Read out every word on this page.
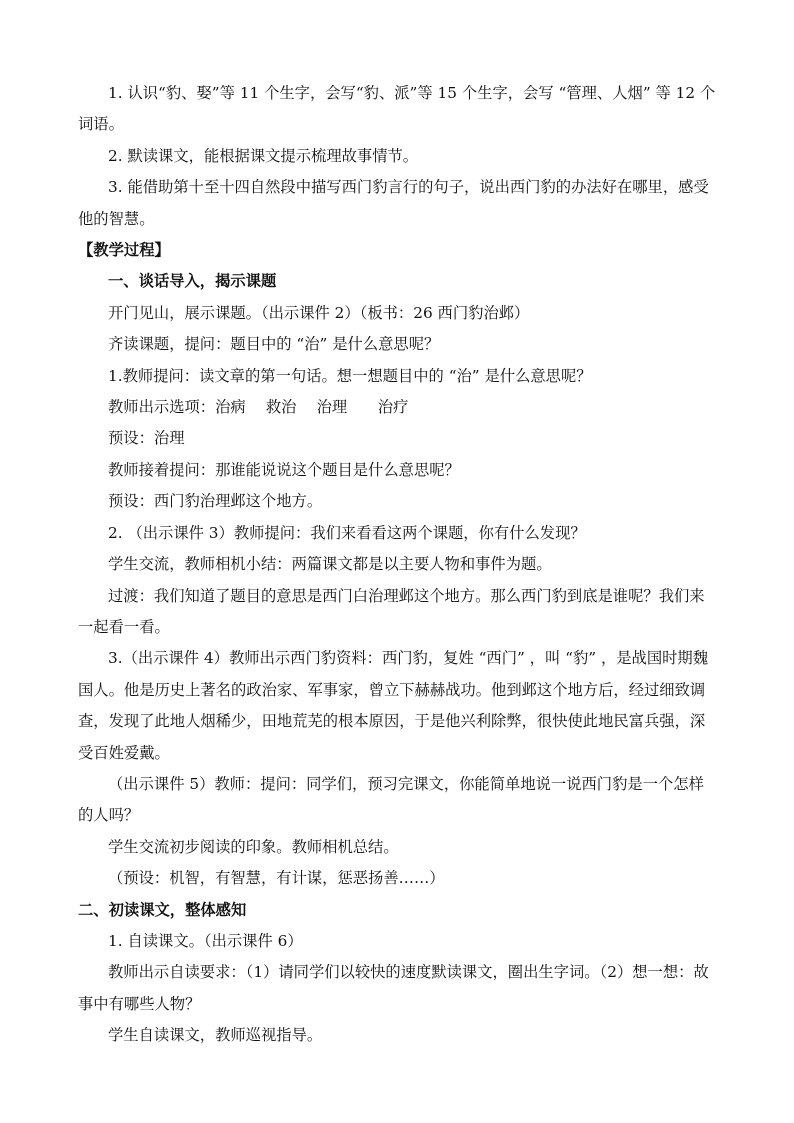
1. 认识“豹、娶”等 11 个生字，会写“豹、派”等 15 个生字，会写 “管理、人烟” 等 12 个词语。

2. 默读课文，能根据课文提示梳理故事情节。

3. 能借助第十至十四自然段中描写西门豹言行的句子，说出西门豹的办法好在哪里，感受他的智慧。

【教学过程】

一、谈话导入，揭示课题

开门见山，展示课题。（出示课件 2）（板书：26 西门豹治邺）

齐读课题，提问：题目中的 “治” 是什么意思呢？

1.教师提问：读文章的第一句话。想一想题目中的 “治” 是什么意思呢？

教师出示选项：治病　 救治　 治理　　治疗

预设：治理

教师接着提问：那谁能说说这个题目是什么意思呢？

预设：西门豹治理邺这个地方。

2. （出示课件 3）教师提问：我们来看看这两个课题，你有什么发现？

学生交流，教师相机小结：两篇课文都是以主要人物和事件为题。

过渡：我们知道了题目的意思是西门白治理邺这个地方。那么西门豹到底是谁呢？我们来一起看一看。

3.（出示课件 4）教师出示西门豹资料：西门豹，复姓 “西门” ，叫 “豹” ，是战国时期魏国人。他是历史上著名的政治家、军事家，曾立下赫赫战功。他到邺这个地方后，经过细致调查，发现了此地人烟稀少，田地荒芜的根本原因，于是他兴利除弊，很快使此地民富兵强，深受百姓爱戴。

（出示课件 5）教师：提问：同学们，预习完课文，你能简单地说一说西门豹是一个怎样的人吗？

学生交流初步阅读的印象。教师相机总结。

（预设：机智，有智慧，有计谋，惩恶扬善……）

二、初读课文，整体感知

1. 自读课文。（出示课件 6）

教师出示自读要求：（1）请同学们以较快的速度默读课文，圈出生字词。（2）想一想：故事中有哪些人物？

学生自读课文，教师巡视指导。
